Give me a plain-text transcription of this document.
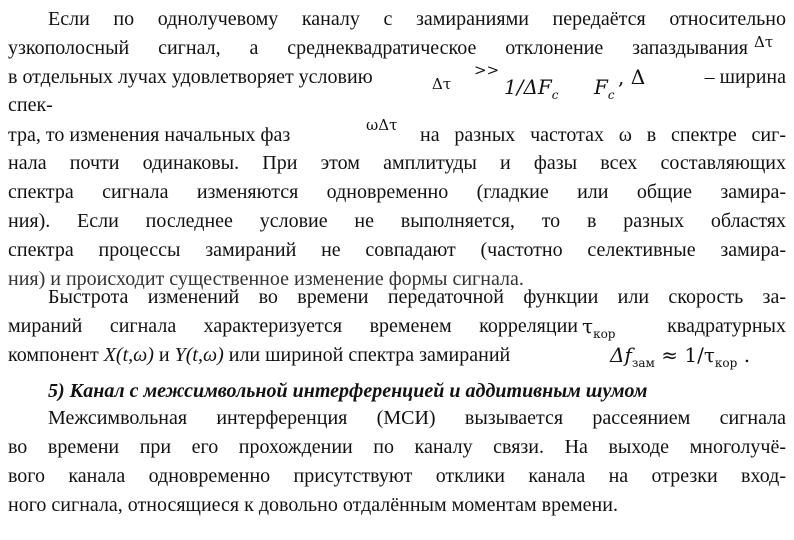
Если по однолучевому каналу с замираниями передаётся относительно
узкополосный сигнал, а среднеквадратическое отклонение запаздывания Δτ
в отдельных лучах удовлетворяет условию	Δτ
>>
$1/\Delta F_c$	$F_c$
, Δ	– ширина
спек-
тра, то изменения начальных фаз	ωΔτ	на разных частотах ω в спектре сиг-
нала почти одинаковы. При этом амплитуды и фазы всех составляющих
спектра сигнала изменяются одновременно (гладкие или общие замира-
ния). Если последнее условие не выполняется, то в разных областях
спектра процессы замираний не совпадают (частотно селективные замира-
ния) и происходит существенное изменение формы сигнала.
Быстрота изменений во времени передаточной функции или скорость за-
мираний сигнала характеризуется временем корреляции $\tau_{кор}$	квадратурных
компонент X(t,ω) и Y(t,ω) или шириной спектра замираний	$\Delta f_{зам} \approx 1/\tau_{кор}$ .
5) Канал с межсимвольной интерференцией и аддитивным шумом
Межсимвольная интерференция (МСИ) вызывается рассеянием сигнала
во времени при его прохождении по каналу связи. На выходе многолучё-
вого канала одновременно присутствуют отклики канала на отрезки вход-
ного сигнала, относящиеся к довольно отдалённым моментам времени.
